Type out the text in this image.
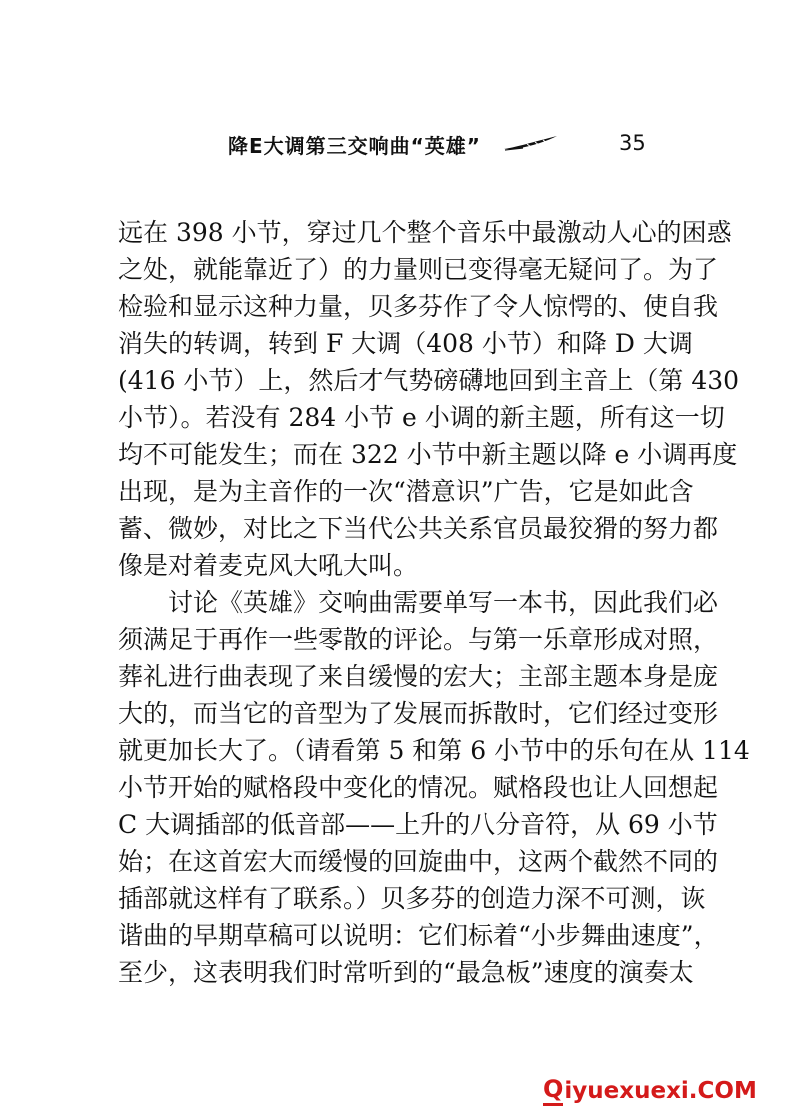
降E大调第三交响曲“英雄”	35
远在 398 小节，穿过几个整个音乐中最激动人心的困惑
之处，就能靠近了）的力量则已变得毫无疑问了。为了
检验和显示这种力量，贝多芬作了令人惊愕的、使自我
消失的转调，转到 F 大调（408 小节）和降 D 大调
(416 小节）上，然后才气势磅礴地回到主音上（第 430
小节）。若没有 284 小节 e 小调的新主题，所有这一切
均不可能发生；而在 322 小节中新主题以降 e 小调再度
出现，是为主音作的一次“潜意识”广告，它是如此含
蓄、微妙，对比之下当代公共关系官员最狡猾的努力都
像是对着麦克风大吼大叫。
讨论《英雄》交响曲需要单写一本书，因此我们必
须满足于再作一些零散的评论。与第一乐章形成对照，
葬礼进行曲表现了来自缓慢的宏大；主部主题本身是庞
大的，而当它的音型为了发展而拆散时，它们经过变形
就更加长大了。（请看第 5 和第 6 小节中的乐句在从 114
小节开始的赋格段中变化的情况。赋格段也让人回想起
C 大调插部的低音部——上升的八分音符，从 69 小节
始；在这首宏大而缓慢的回旋曲中，这两个截然不同的
插部就这样有了联系。）贝多芬的创造力深不可测，诙
谐曲的早期草稿可以说明：它们标着“小步舞曲速度”，
至少，这表明我们时常听到的“最急板”速度的演奏太
Q iyuexuexi.COM
